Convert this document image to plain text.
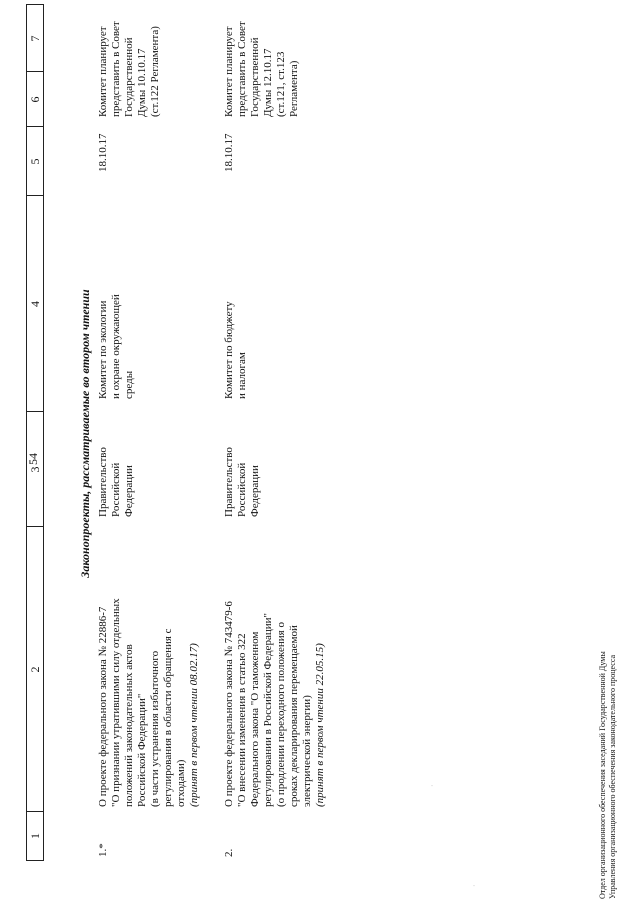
54
1
2
3
4
5
6
7
Законопроекты, рассматриваемые во втором чтении
1.*
О проекте федерального закона № 22886-7 "О признании утратившими силу отдельных положений законодательных актов Российской Федерации" (в части устранения избыточного регулирования в области обращения с отходами) (принят в первом чтении 08.02.17)
Правительство Российской Федерации
Комитет по экологии и охране окружающей среды
18.10.17
Комитет планирует представить в Совет Государственной Думы 10.10.17 (ст.122 Регламента)
2.
О проекте федерального закона № 743479-6 "О внесении изменения в статью 322 Федерального закона "О таможенном регулировании в Российской Федерации" (о продлении переходного положения о сроках декларирования перемещаемой электрической энергии) (принят в первом чтении 22.05.15)
Правительство Российской Федерации
Комитет по бюджету и налогам
18.10.17
Комитет планирует представить в Совет Государственной Думы 12.10.17 (ст.121, ст.123 Регламента)
·
·	Отдел организационного обеспечения заседаний Государственной Думы Управления организационного обеспечения законодательного процесса
